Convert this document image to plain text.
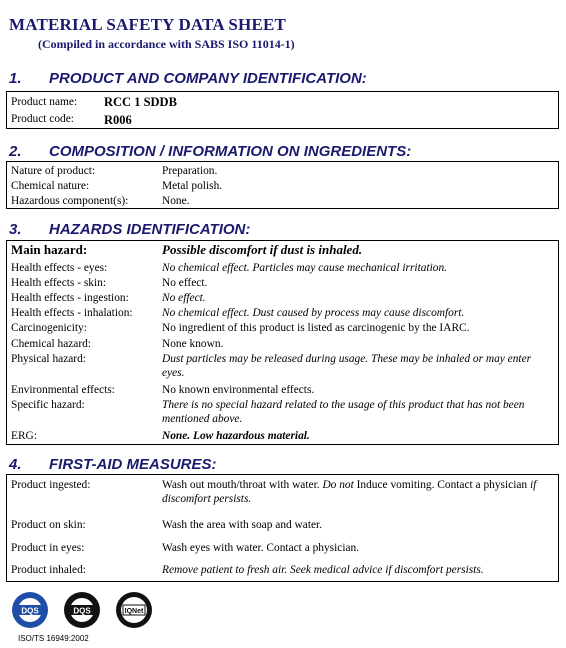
MATERIAL SAFETY DATA SHEET
(Compiled in accordance with SABS ISO 11014-1)
1. PRODUCT AND COMPANY IDENTIFICATION:
Product name:	RCC 1 SDDB
Product code:	R006
2. COMPOSITION / INFORMATION ON INGREDIENTS:
Nature of product:	Preparation.
Chemical nature:	Metal polish.
Hazardous component(s):	None.
3. HAZARDS IDENTIFICATION:
Main hazard:	Possible discomfort if dust is inhaled.
Health effects - eyes:	No chemical effect. Particles may cause mechanical irritation.
Health effects - skin:	No effect.
Health effects - ingestion:	No effect.
Health effects - inhalation:	No chemical effect. Dust caused by process may cause discomfort.
Carcinogenicity:	No ingredient of this product is listed as carcinogenic by the IARC.
Chemical hazard:	None known.
Physical hazard:	Dust particles may be released during usage. These may be inhaled or may enter eyes.
Environmental effects:	No known environmental effects.
Specific hazard:	There is no special hazard related to the usage of this product that has not been mentioned above.
ERG:	None. Low hazardous material.
4. FIRST-AID MEASURES:
Product ingested:	Wash out mouth/throat with water. Do not Induce vomiting. Contact a physician if discomfort persists.
Product on skin:	Wash the area with soap and water.
Product in eyes:	Wash eyes with water. Contact a physician.
Product inhaled:	Remove patient to fresh air. Seek medical advice if discomfort persists.
DQS	DQS	IQNet
ISO/TS 16949:2002
